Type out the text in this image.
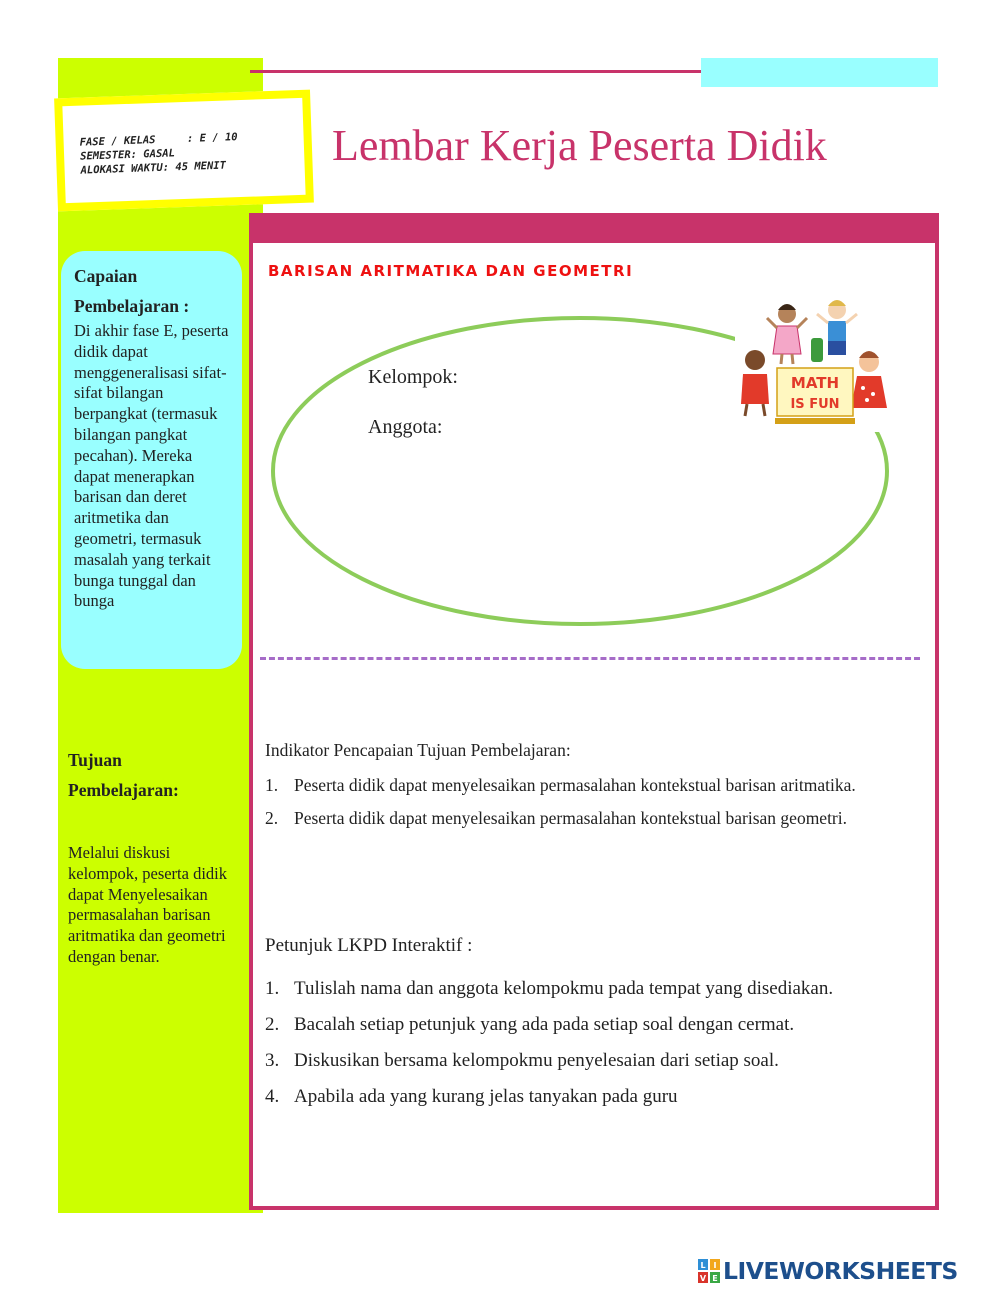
FASE / KELAS     : E / 10
SEMESTER: GASAL
ALOKASI WAKTU: 45 MENIT	Lembar Kerja Peserta Didik
Capaian
Pembelajaran :
Di akhir fase E, peserta didik dapat menggeneralisasi sifat-sifat bilangan berpangkat (termasuk bilangan pangkat pecahan). Mereka dapat menerapkan barisan dan deret aritmetika dan geometri, termasuk masalah yang terkait bunga tunggal dan bunga
Tujuan
Pembelajaran:
Melalui diskusi kelompok, peserta didik dapat Menyelesaikan permasalahan barisan aritmatika dan geometri dengan benar.
BARISAN ARITMATIKA DAN GEOMETRI
Kelompok:
Anggota:
MATH
IS FUN
Indikator Pencapaian Tujuan Pembelajaran:
1. Peserta didik dapat menyelesaikan permasalahan kontekstual barisan aritmatika.
2. Peserta didik dapat menyelesaikan permasalahan kontekstual barisan geometri.
Petunjuk LKPD Interaktif :
1. Tulislah nama dan anggota kelompokmu pada tempat yang disediakan.
2. Bacalah setiap petunjuk yang ada pada setiap soal dengan cermat.
3. Diskusikan bersama kelompokmu penyelesaian dari setiap soal.
4. Apabila ada yang kurang jelas tanyakan pada guru
L I
V E LIVEWORKSHEETS
